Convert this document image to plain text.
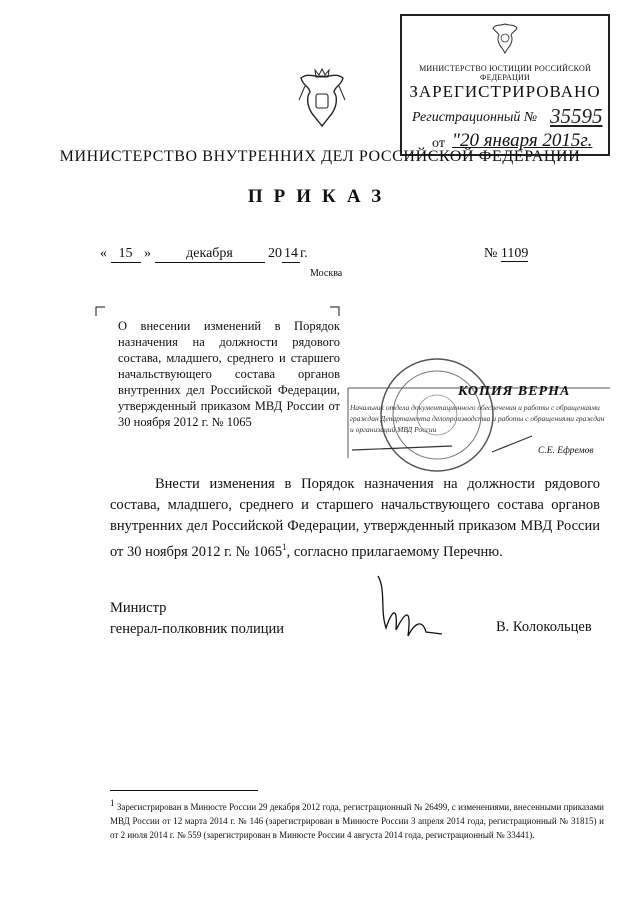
МИНИСТЕРСТВО ЮСТИЦИИ РОССИЙСКОЙ ФЕДЕРАЦИИ
ЗАРЕГИСТРИРОВАНО
Регистрационный № 35595
от "20 января 2015г.
МИНИСТЕРСТВО ВНУТРЕННИХ ДЕЛ РОССИЙСКОЙ ФЕДЕРАЦИИ
ПРИКАЗ
« 15 »	декабря	20 14 г.	№ 1109
Москва
О внесении изменений в Порядок назначения на должности рядового состава, младшего, среднего и старшего начальствующего состава органов внутренних дел Российской Федерации, утвержденный приказом МВД России от 30 ноября 2012 г. № 1065
КОПИЯ ВЕРНА
Начальник отдела документационного обеспечения и работы с обращениями граждан Департамента делопроизводства и работы с обращениями граждан и организаций МВД России
С.Е. Ефремов

Внести изменения в Порядок назначения на должности рядового состава, младшего, среднего и старшего начальствующего состава органов внутренних дел Российской Федерации, утвержденный приказом МВД России от 30 ноября 2012 г. № 1065$^1$, согласно прилагаемому Перечню.

Министр
генерал-полковник полиции	В. Колокольцев
$^1$ Зарегистрирован в Минюсте России 29 декабря 2012 года, регистрационный № 26499, с изменениями, внесенными приказами МВД России от 12 марта 2014 г. № 146 (зарегистрирован в Минюсте России 3 апреля 2014 года, регистрационный № 31815) и от 2 июля 2014 г. № 559 (зарегистрирован в Минюсте России 4 августа 2014 года, регистрационный № 33441).
